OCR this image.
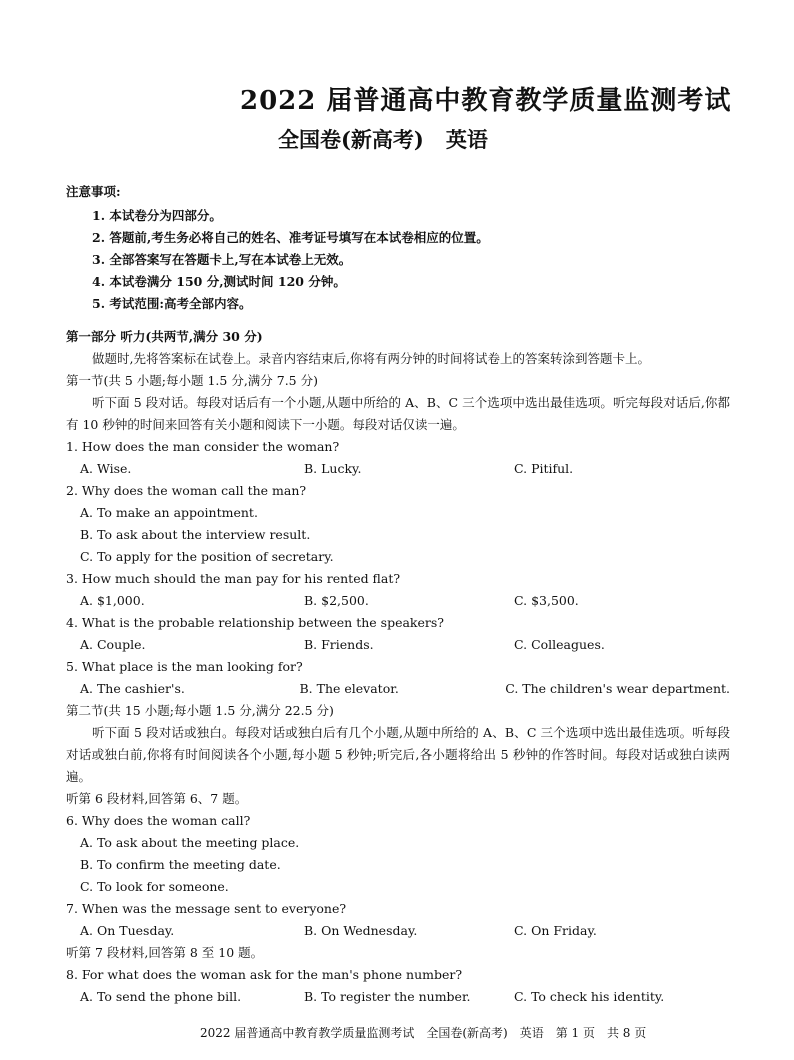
2022 届普通高中教育教学质量监测考试
全国卷(新高考) 英语
注意事项:
1. 本试卷分为四部分。
2. 答题前,考生务必将自己的姓名、准考证号填写在本试卷相应的位置。
3. 全部答案写在答题卡上,写在本试卷上无效。
4. 本试卷满分 150 分,测试时间 120 分钟。
5. 考试范围:高考全部内容。
第一部分 听力(共两节,满分 30 分)
做题时,先将答案标在试卷上。录音内容结束后,你将有两分钟的时间将试卷上的答案转涂到答题卡上。
第一节(共 5 小题;每小题 1.5 分,满分 7.5 分)
听下面 5 段对话。每段对话后有一个小题,从题中所给的 A、B、C 三个选项中选出最佳选项。听完每段对话后,你都有 10 秒钟的时间来回答有关小题和阅读下一小题。每段对话仅读一遍。
1. How does the man consider the woman?
A. Wise.	B. Lucky.	C. Pitiful.
2. Why does the woman call the man?
A. To make an appointment.
B. To ask about the interview result.
C. To apply for the position of secretary.
3. How much should the man pay for his rented flat?
A. $1,000.	B. $2,500.	C. $3,500.
4. What is the probable relationship between the speakers?
A. Couple.	B. Friends.	C. Colleagues.
5. What place is the man looking for?
A. The cashier's.	B. The elevator.	C. The children's wear department.
第二节(共 15 小题;每小题 1.5 分,满分 22.5 分)
听下面 5 段对话或独白。每段对话或独白后有几个小题,从题中所给的 A、B、C 三个选项中选出最佳选项。听每段对话或独白前,你将有时间阅读各个小题,每小题 5 秒钟;听完后,各小题将给出 5 秒钟的作答时间。每段对话或独白读两遍。
听第 6 段材料,回答第 6、7 题。
6. Why does the woman call?
A. To ask about the meeting place.
B. To confirm the meeting date.
C. To look for someone.
7. When was the message sent to everyone?
A. On Tuesday.	B. On Wednesday.	C. On Friday.
听第 7 段材料,回答第 8 至 10 题。
8. For what does the woman ask for the man's phone number?
A. To send the phone bill.	B. To register the number.	C. To check his identity.
2022 届普通高中教育教学质量监测考试　全国卷(新高考)　英语　第 1 页　共 8 页
